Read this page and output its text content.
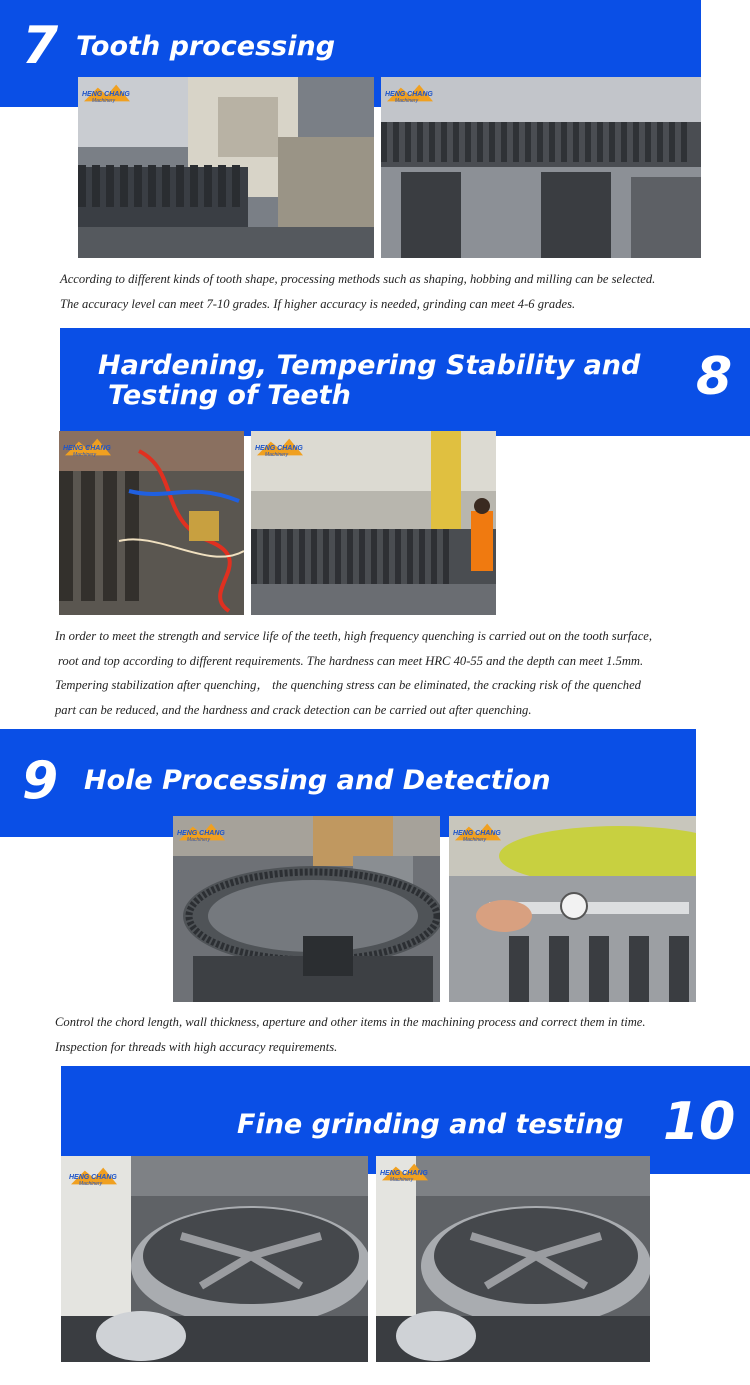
7 Tooth processing
HENG CHANG
Machinery
HENG CHANG
Machinery
According to different kinds of tooth shape, processing methods such as shaping, hobbing and milling can be selected.
The accuracy level can meet 7-10 grades. If higher accuracy is needed, grinding can meet 4-6 grades.
Hardening, Tempering Stability and
Testing of Teeth	8
HENG CHANG
Machinery
HENG CHANG
Machinery
In order to meet the strength and service life of the teeth, high frequency quenching is carried out on the tooth surface,
root and top according to different requirements. The hardness can meet HRC 40-55 and the depth can meet 1.5mm.
Tempering stabilization after quenching， the quenching stress can be eliminated, the cracking risk of the quenched
part can be reduced, and the hardness and crack detection can be carried out after quenching.
9 Hole Processing and Detection
HENG CHANG
Machinery
HENG CHANG
Machinery
Control the chord length, wall thickness, aperture and other items in the machining process and correct them in time.
Inspection for threads with high accuracy requirements.
Fine grinding and testing 10
HENG CHANG
Machinery
HENG CHANG
Machinery
